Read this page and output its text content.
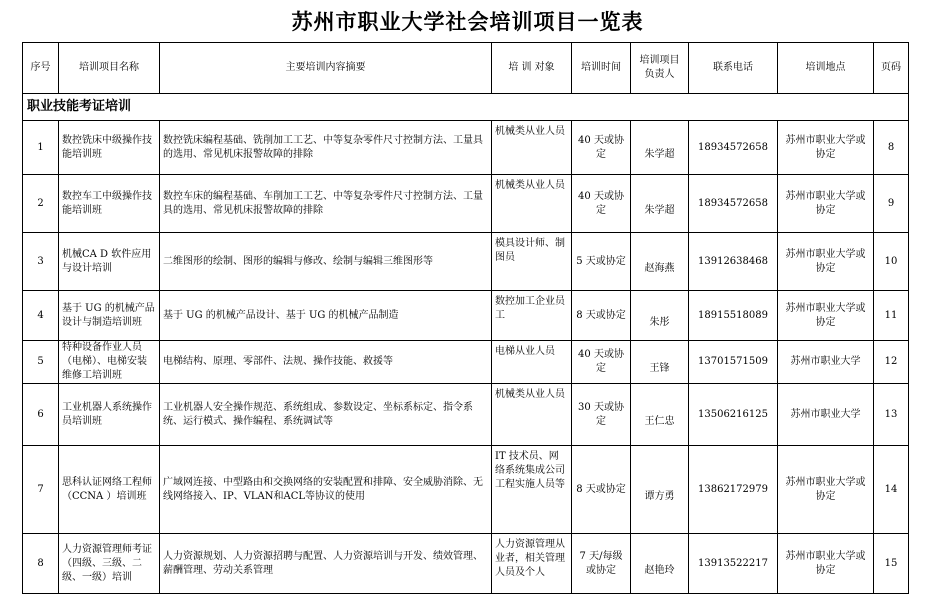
苏州市职业大学社会培训项目一览表
序号	培训项目名称	主要培训内容摘要	培 训 对象	培训时间	培训项目负责人	联系电话	培训地点	页码
职业技能考证培训								
1	数控铣床中级操作技能培训班	数控铣床编程基础、铣削加工工艺、中等复杂零件尺寸控制方法、工量具的选用、常见机床报警故障的排除	机械类从业人员	40 天或协定	朱学超	18934572658	苏州市职业大学或协定	8
2	数控车工中级操作技能培训班	数控车床的编程基础、车削加工工艺、中等复杂零件尺寸控制方法、工量具的选用、常见机床报警故障的排除	机械类从业人员	40 天或协定	朱学超	18934572658	苏州市职业大学或协定	9
3	机械CA D 软件应用与设计培训	二维图形的绘制、图形的编辑与修改、绘制与编辑三维图形等	模具设计师、制图员	5 天或协定	赵海燕	13912638468	苏州市职业大学或协定	10
4	基于 UG 的机械产品设计与制造培训班	基于 UG 的机械产品设计、基于 UG 的机械产品制造	数控加工企业员工	8 天或协定	朱彤	18915518089	苏州市职业大学或协定	11
5	特种设备作业人员（电梯）、电梯安装维修工培训班	电梯结构、原理、零部件、法规、操作技能、救援等	电梯从业人员	40 天或协定	王锋	13701571509	苏州市职业大学	12
6	工业机器人系统操作员培训班	工业机器人安全操作规范、系统组成、参数设定、坐标系标定、指令系统、运行模式、操作编程、系统调试等	机械类从业人员	30 天或协定	王仁忠	13506216125	苏州市职业大学	13
7	思科认证网络工程师（CCNA ）培训班	广域网连接、中型路由和交换网络的安装配置和排障、安全威胁消除、无线网络接入、IP、VLAN和ACL等协议的使用	IT 技术员、网络系统集成公司工程实施人员等	8 天或协定	谭方勇	13862172979	苏州市职业大学或协定	14
8	人力资源管理师考证（四级、三级、二级、一级）培训	人力资源规划、人力资源招聘与配置、人力资源培训与开发、绩效管理、薪酬管理、劳动关系管理	人力资源管理从业者，相关管理人员及个人	7 天/每级或协定	赵艳玲	13913522217	苏州市职业大学或协定	15
